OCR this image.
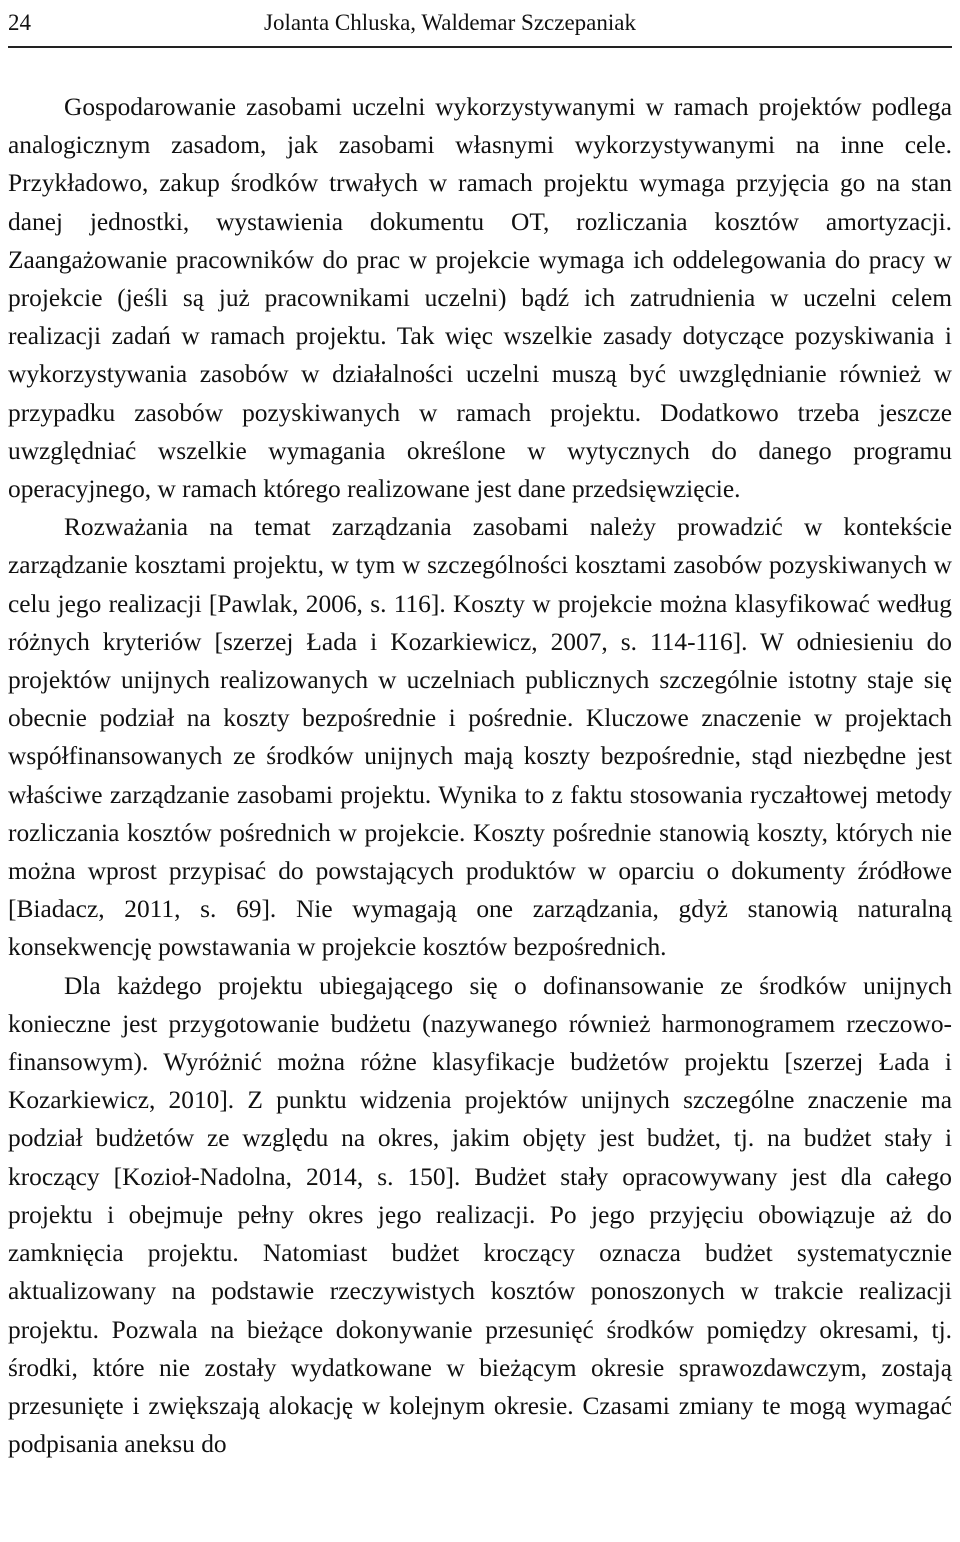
24	Jolanta Chluska, Waldemar Szczepaniak

Gospodarowanie zasobami uczelni wykorzystywanymi w ramach projektów podlega analogicznym zasadom, jak zasobami własnymi wykorzystywanymi na inne cele. Przykładowo, zakup środków trwałych w ramach projektu wymaga przyjęcia go na stan danej jednostki, wystawienia dokumentu OT, rozliczania kosztów amortyzacji. Zaangażowanie pracowników do prac w projekcie wymaga ich oddelegowania do pracy w projekcie (jeśli są już pracownikami uczelni) bądź ich zatrudnienia w uczelni celem realizacji zadań w ramach projektu. Tak więc wszelkie zasady dotyczące pozyskiwania i wykorzystywania zasobów w działalności uczelni muszą być uwzględnianie również w przypadku zasobów pozyskiwanych w ramach projektu. Dodatkowo trzeba jeszcze uwzględniać wszelkie wymagania określone w wytycznych do danego programu operacyjnego, w ramach którego realizowane jest dane przedsięwzięcie.

Rozważania na temat zarządzania zasobami należy prowadzić w kontekście zarządzanie kosztami projektu, w tym w szczególności kosztami zasobów pozyskiwanych w celu jego realizacji [Pawlak, 2006, s. 116]. Koszty w projekcie można klasyfikować według różnych kryteriów [szerzej Łada i Kozarkiewicz, 2007, s. 114-116]. W odniesieniu do projektów unijnych realizowanych w uczelniach publicznych szczególnie istotny staje się obecnie podział na koszty bezpośrednie i pośrednie. Kluczowe znaczenie w projektach współfinansowanych ze środków unijnych mają koszty bezpośrednie, stąd niezbędne jest właściwe zarządzanie zasobami projektu. Wynika to z faktu stosowania ryczałtowej metody rozliczania kosztów pośrednich w projekcie. Koszty pośrednie stanowią koszty, których nie można wprost przypisać do powstających produktów w oparciu o dokumenty źródłowe [Biadacz, 2011, s. 69]. Nie wymagają one zarządzania, gdyż stanowią naturalną konsekwencję powstawania w projekcie kosztów bezpośrednich.

Dla każdego projektu ubiegającego się o dofinansowanie ze środków unijnych konieczne jest przygotowanie budżetu (nazywanego również harmonogramem rzeczowo-finansowym). Wyróżnić można różne klasyfikacje budżetów projektu [szerzej Łada i Kozarkiewicz, 2010]. Z punktu widzenia projektów unijnych szczególne znaczenie ma podział budżetów ze względu na okres, jakim objęty jest budżet, tj. na budżet stały i kroczący [Kozioł-Nadolna, 2014, s. 150]. Budżet stały opracowywany jest dla całego projektu i obejmuje pełny okres jego realizacji. Po jego przyjęciu obowiązuje aż do zamknięcia projektu. Natomiast budżet kroczący oznacza budżet systematycznie aktualizowany na podstawie rzeczywistych kosztów ponoszonych w trakcie realizacji projektu. Pozwala na bieżące dokonywanie przesunięć środków pomiędzy okresami, tj. środki, które nie zostały wydatkowane w bieżącym okresie sprawozdawczym, zostają przesunięte i zwiększają alokację w kolejnym okresie. Czasami zmiany te mogą wymagać podpisania aneksu do
